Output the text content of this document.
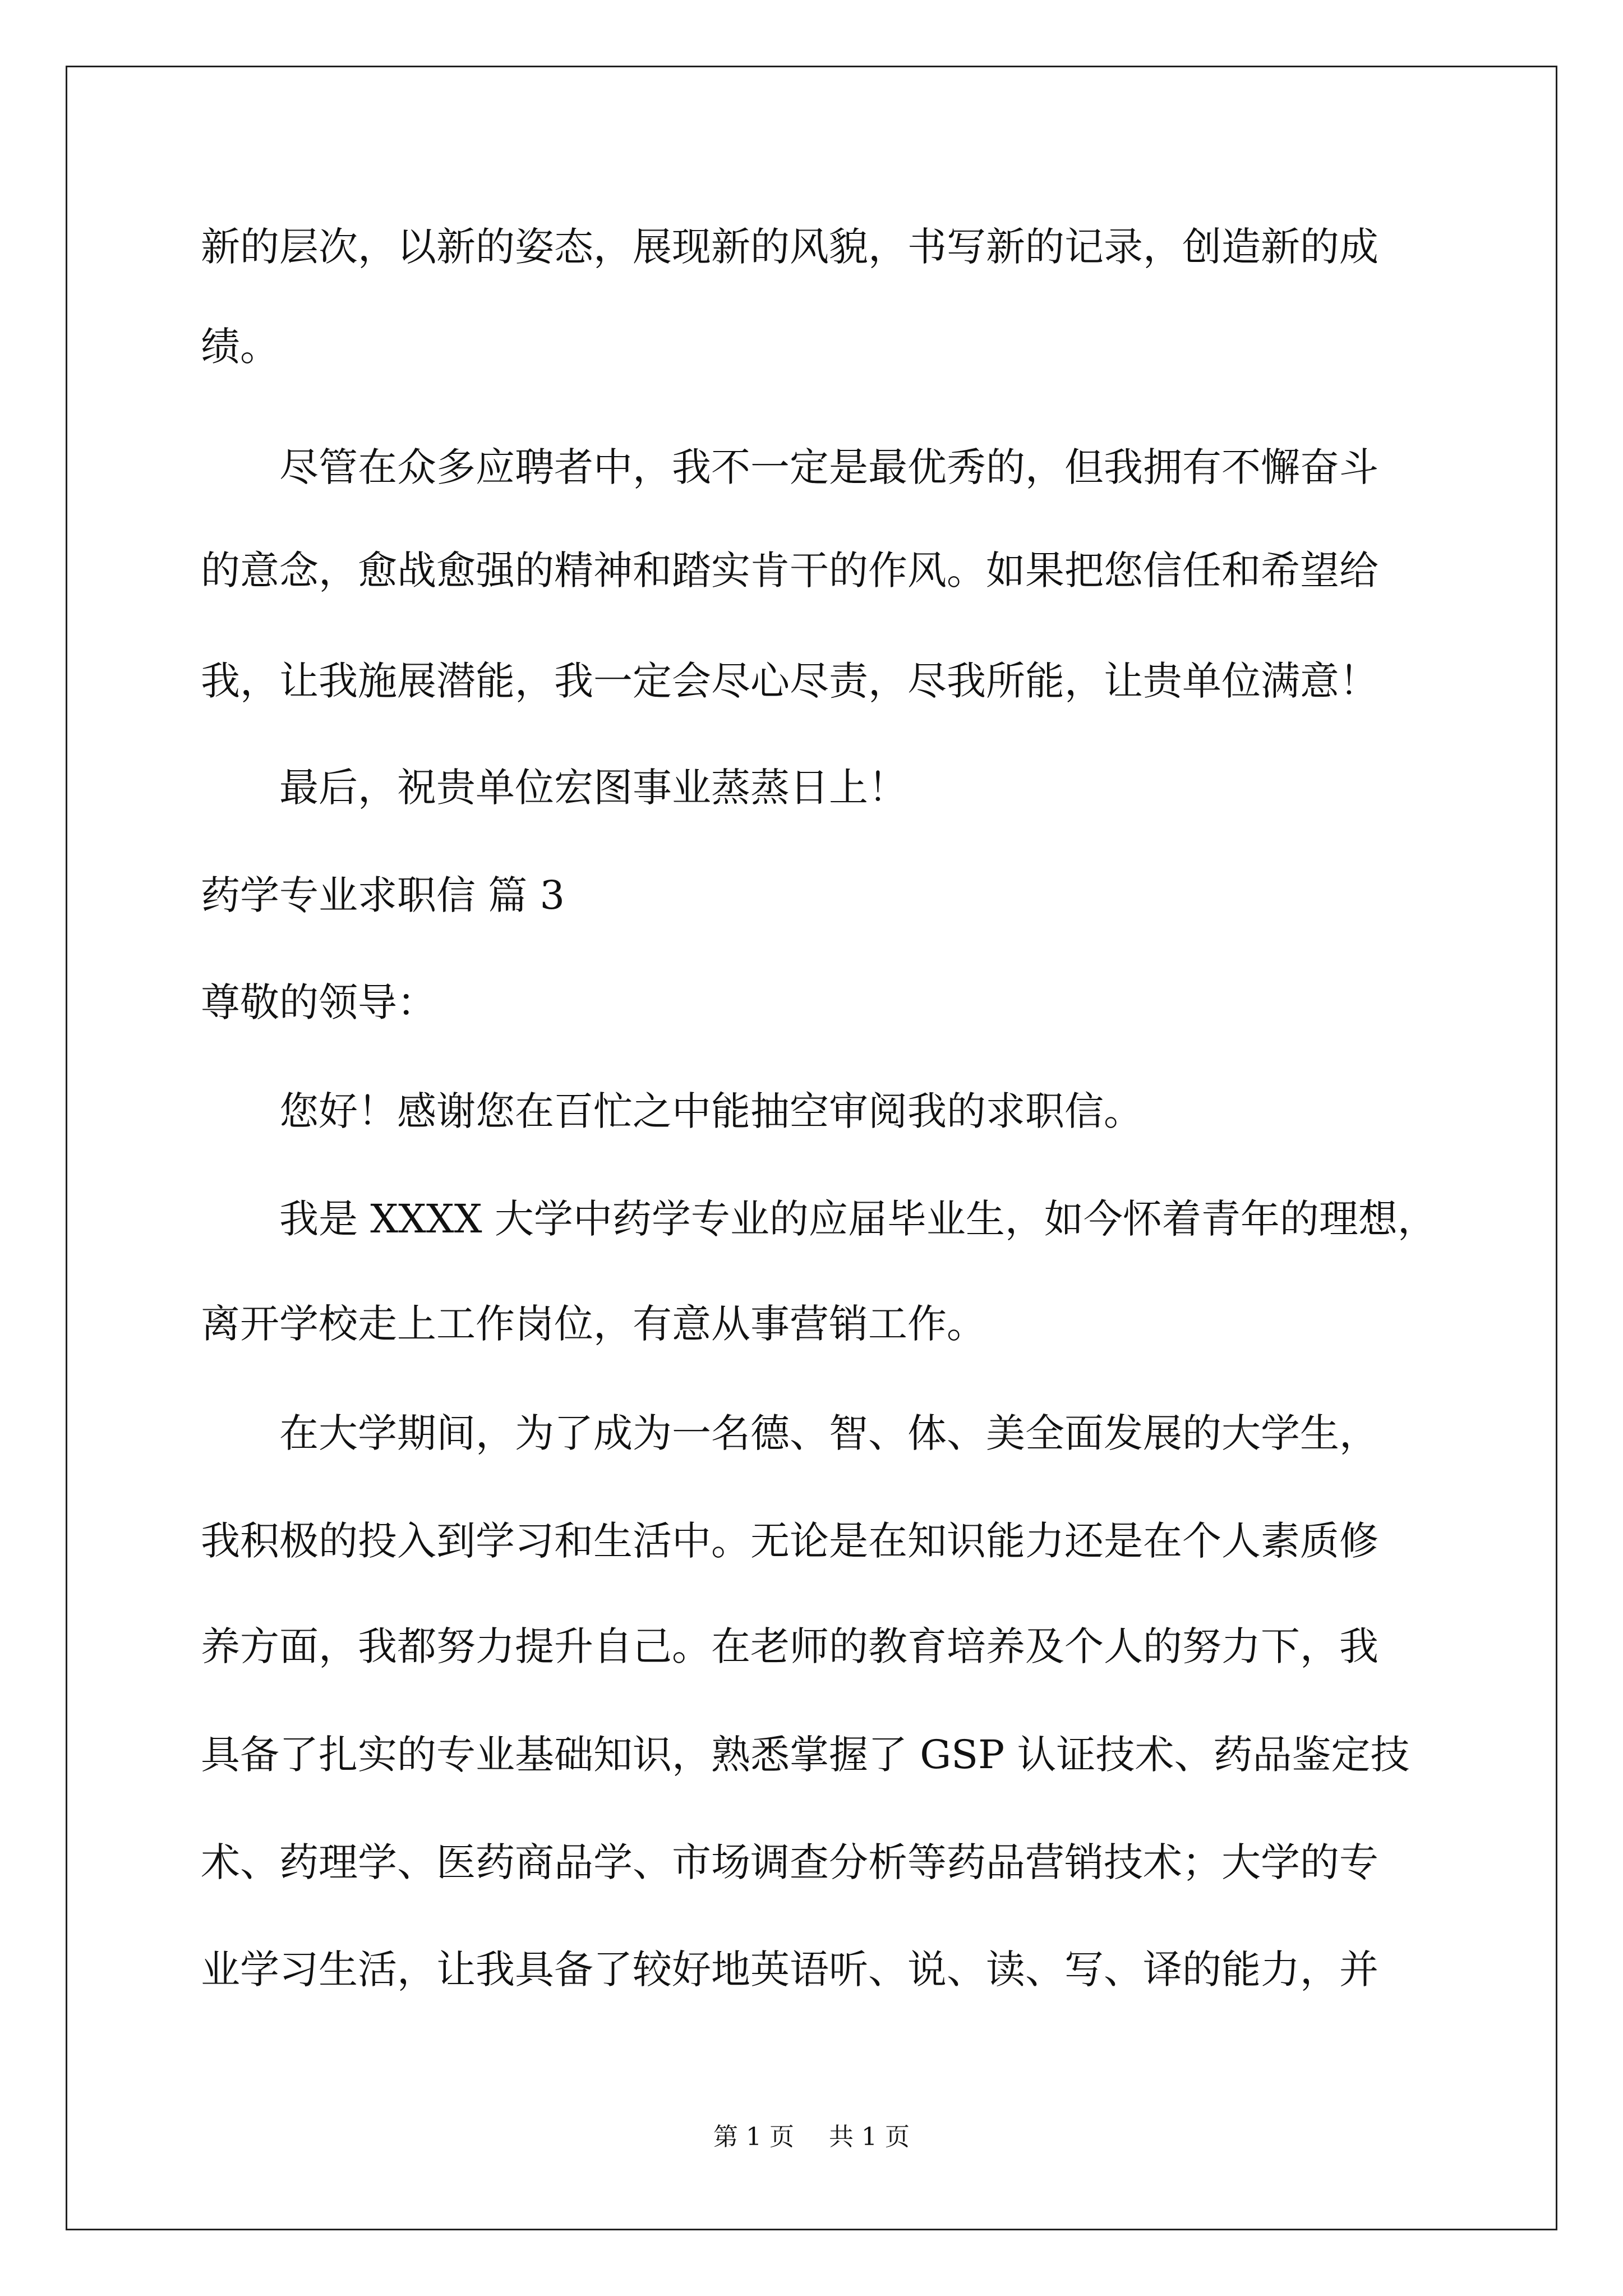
新的层次，以新的姿态，展现新的风貌，书写新的记录，创造新的成
绩。
尽管在众多应聘者中，我不一定是最优秀的，但我拥有不懈奋斗
的意念，愈战愈强的精神和踏实肯干的作风。如果把您信任和希望给
我，让我施展潜能，我一定会尽心尽责，尽我所能，让贵单位满意！
最后，祝贵单位宏图事业蒸蒸日上！
药学专业求职信 篇 3
尊敬的领导：
您好！感谢您在百忙之中能抽空审阅我的求职信。
我是 XXXX 大学中药学专业的应届毕业生，如今怀着青年的理想，
离开学校走上工作岗位，有意从事营销工作。
在大学期间，为了成为一名德、智、体、美全面发展的大学生，
我积极的投入到学习和生活中。无论是在知识能力还是在个人素质修
养方面，我都努力提升自己。在老师的教育培养及个人的努力下，我
具备了扎实的专业基础知识，熟悉掌握了 GSP 认证技术、药品鉴定技
术、药理学、医药商品学、市场调查分析等药品营销技术；大学的专
业学习生活，让我具备了较好地英语听、说、读、写、译的能力，并
第 1 页 共 1 页
